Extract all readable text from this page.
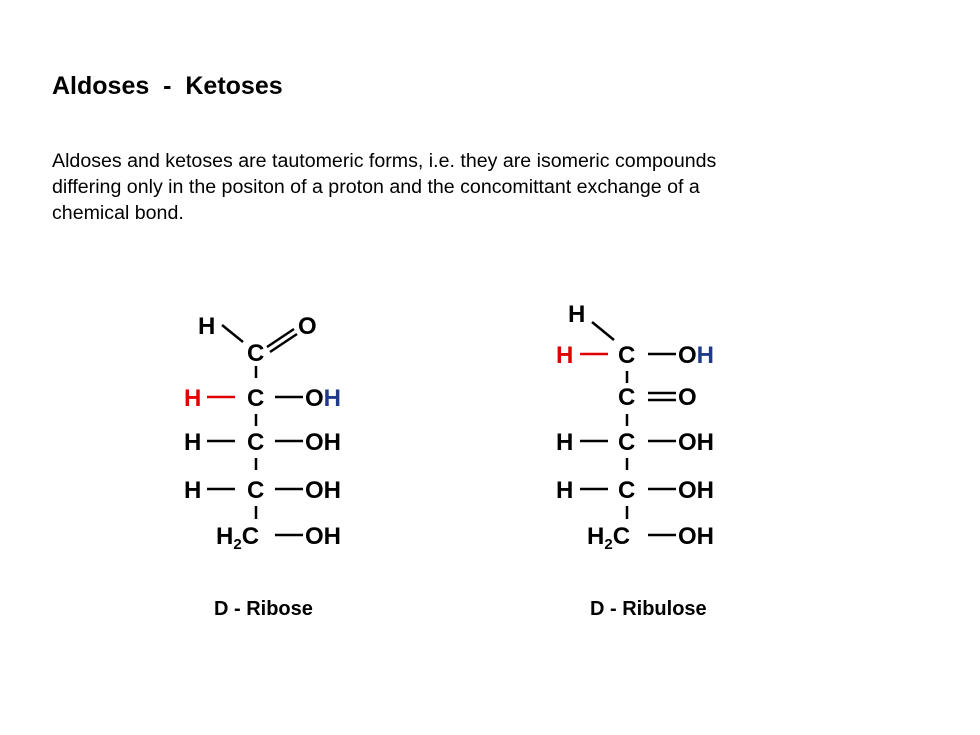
Aldoses  -  Ketoses
Aldoses and ketoses are tautomeric forms, i.e. they are isomeric compounds
differing only in the positon of a proton and the concomittant exchange of a
chemical bond.
H	O
C
H C OH
H C OH
H C OH
$H_2C$ OH
H
H C OH
C O
H C OH
H C OH
$H_2C$ OH
D - Ribose	D - Ribulose
